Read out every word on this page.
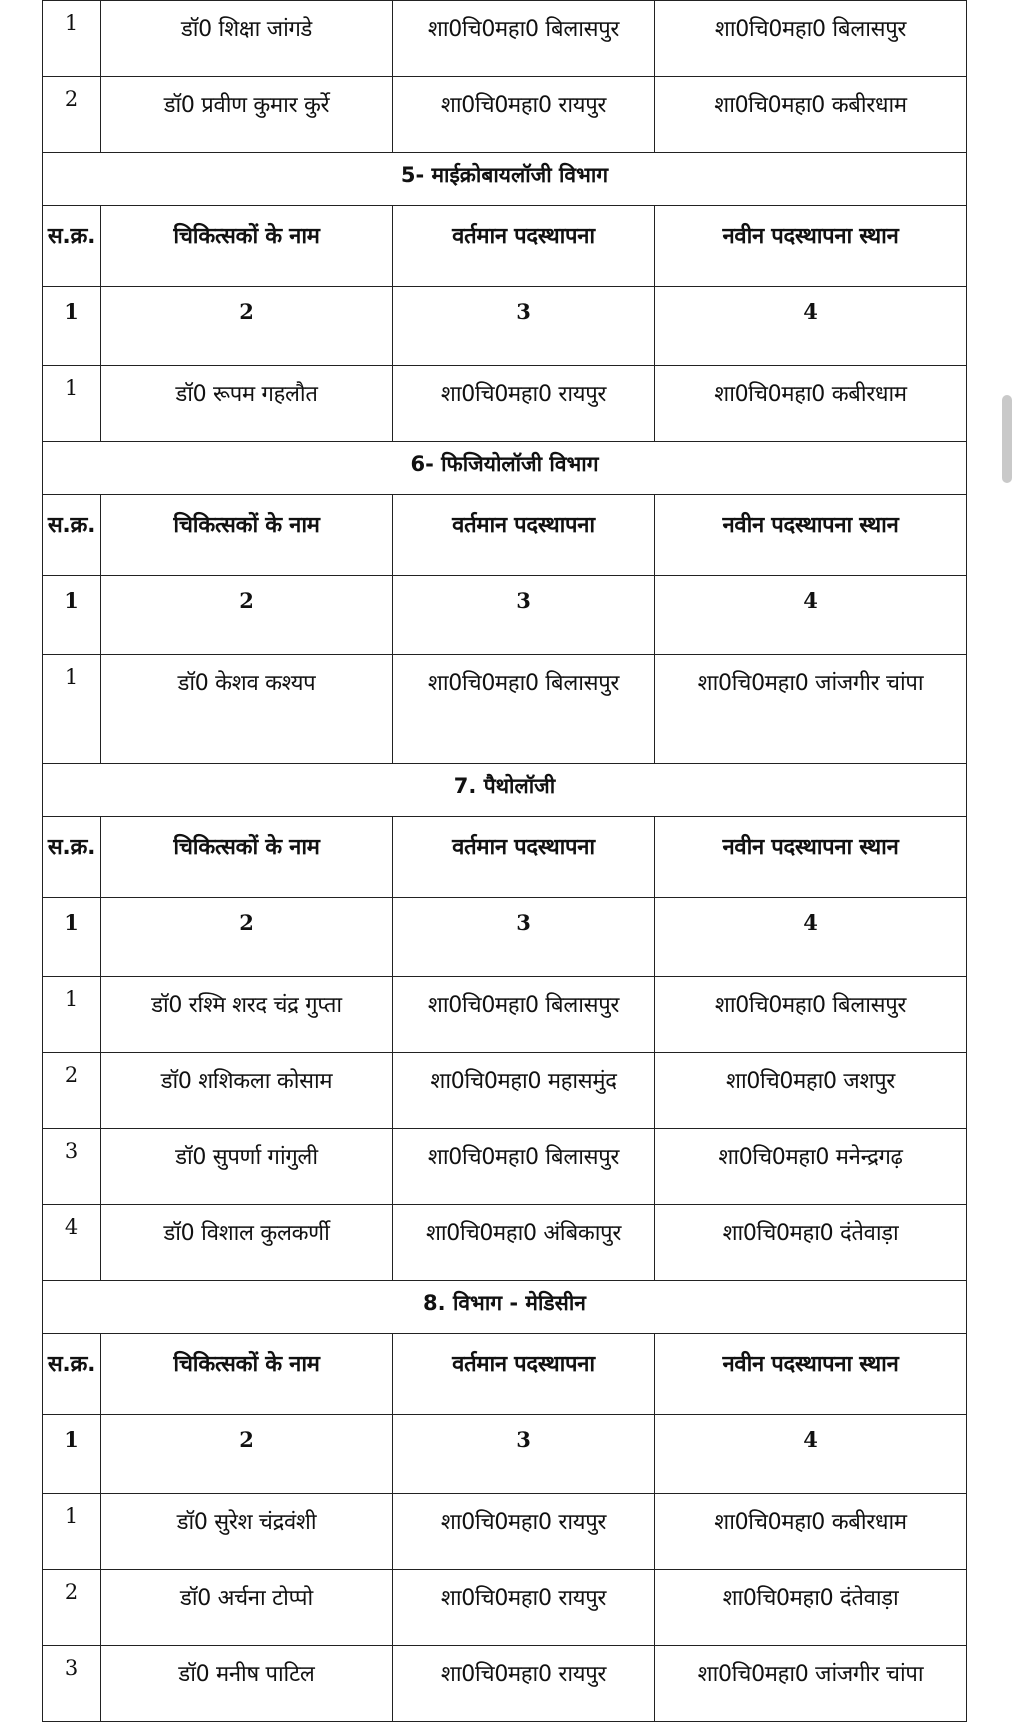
1	डॉ0 शिक्षा जांगडे	शा0चि0महा0 बिलासपुर	शा0चि0महा0 बिलासपुर
2	डॉ0 प्रवीण कुमार कुर्रे	शा0चि0महा0 रायपुर	शा0चि0महा0 कबीरधाम
5- माईक्रोबायलॉजी विभाग			
स.क्र.	चिकित्सकों के नाम	वर्तमान पदस्थापना	नवीन पदस्थापना स्थान
1	2	3	4
1	डॉ0 रूपम गहलौत	शा0चि0महा0 रायपुर	शा0चि0महा0 कबीरधाम
6- फिजियोलॉजी विभाग			
स.क्र.	चिकित्सकों के नाम	वर्तमान पदस्थापना	नवीन पदस्थापना स्थान
1	2	3	4
1	डॉ0 केशव कश्यप	शा0चि0महा0 बिलासपुर	शा0चि0महा0 जांजगीर चांपा
7. पैथोलॉजी			
स.क्र.	चिकित्सकों के नाम	वर्तमान पदस्थापना	नवीन पदस्थापना स्थान
1	2	3	4
1	डॉ0 रश्मि शरद चंद्र गुप्ता	शा0चि0महा0 बिलासपुर	शा0चि0महा0 बिलासपुर
2	डॉ0 शशिकला कोसाम	शा0चि0महा0 महासमुंद	शा0चि0महा0 जशपुर
3	डॉ0 सुपर्णा गांगुली	शा0चि0महा0 बिलासपुर	शा0चि0महा0 मनेन्द्रगढ़
4	डॉ0 विशाल कुलकर्णी	शा0चि0महा0 अंबिकापुर	शा0चि0महा0 दंतेवाड़ा
8. विभाग - मेडिसीन			
स.क्र.	चिकित्सकों के नाम	वर्तमान पदस्थापना	नवीन पदस्थापना स्थान
1	2	3	4
1	डॉ0 सुरेश चंद्रवंशी	शा0चि0महा0 रायपुर	शा0चि0महा0 कबीरधाम
2	डॉ0 अर्चना टोप्पो	शा0चि0महा0 रायपुर	शा0चि0महा0 दंतेवाड़ा
3	डॉ0 मनीष पाटिल	शा0चि0महा0 रायपुर	शा0चि0महा0 जांजगीर चांपा
